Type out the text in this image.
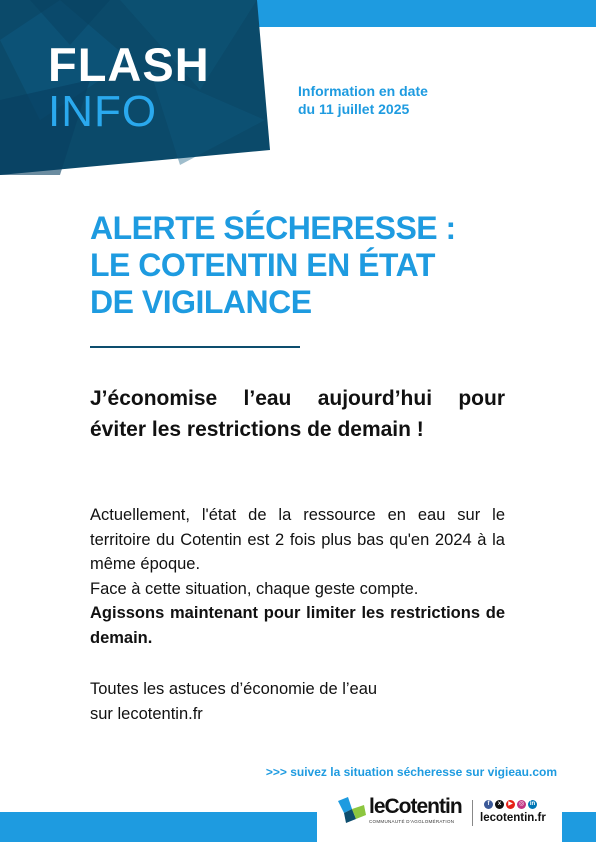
FLASH
INFO	Information en date
du 11 juillet 2025
ALERTE SÉCHERESSE :
LE COTENTIN EN ÉTAT
DE VIGILANCE
J’économise l’eau aujourd’hui pour éviter les restrictions de demain !

Actuellement, l'état de la ressource en eau sur le territoire du Cotentin est 2 fois plus bas qu'en 2024 à la même époque.

Face à cette situation, chaque geste compte.

Agissons maintenant pour limiter les restrictions de demain.

Toutes les astuces d’économie de l’eau

sur lecotentin.fr

>>> suivez la situation sécheresse sur vigieau.com
leCotentin
COMMUNAUTÉ D'AGGLOMÉRATION
f	x	▶	◎ in
lecotentin.fr
